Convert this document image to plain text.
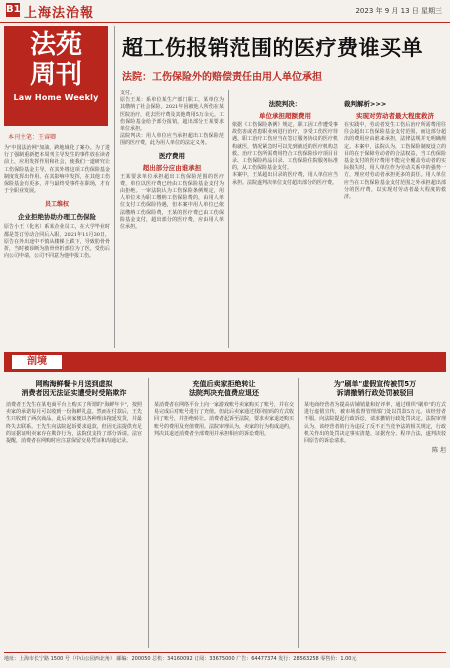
B1 上海法治報	2023 年 9 月 13 日 星期三
法苑
周刊
Law Home Weekly
本刊主笔：王睿卿
为"中国法治网"加油，跨地域化了案办。为了进行了强制重新把本周刊主导发生的事件放在读者前上，应用发挥作用和社会，使我们一道研究让工伤保险基金主导。在其外将这项工伤保险基金制度发挥出作用、在其影响中发挥，在其他工伤保险基金有更多，并与最终受事件在职场，才有于全职业发展。
员工维权
企业拒绝协助办理工伤保险
原告小王（化名）系某企业员工，在大学毕业时都是签订劳动合同后入职，2021年11月30日，原告在外出途中不慎从楼梯上跌下，导致肋骨骨折，当时被诊断为肋骨骨折部位为了医，受伤后向公司申请，公司不同意为他申报工伤。
超工伤报销范围的医疗费谁买单
法院：工伤保险外的赔偿责任由用人单位承担
支付。
原告王某：系单位某生产部门职工，某单位为其缴纳了社会保险。2021年因被他人所伤在某医院治疗，花去医疗费及其他费用5万余元。工伤保险基金给予部分报销，超出部分王某要求单位承担。
法院判决：用人单位应当承担超出工伤保险范围的医疗费，此为用人单位的法定义务。
医疗费用
超出部分应由谁承担
王某要求单位承担超出工伤保险范围的医疗费，单位以医疗费已经由工伤保险基金支付为由拒绝。一审法院认为工伤保险条例规定，用人单位未为职工缴纳工伤保险费的，由用人单位支付工伤保险待遇，但本案中用人单位已依法缴纳工伤保险费，王某的医疗费已由工伤保险基金支付，超出部分的医疗费，应由用人单位承担。
法院判决：
单位承担超额费用
依据《工伤保险条例》规定，职工因工作遭受事故伤害或者患职业病进行治疗，享受工伤医疗待遇。职工治疗工伤应当在签订服务协议的医疗机构就医，情况紧急时可以先到就近的医疗机构急救。治疗工伤所需费用符合工伤保险诊疗项目目录、工伤保险药品目录、工伤保险住院服务标准的，从工伤保险基金支付。
本案中，王某超出目录的医疗费，用人单位应当承担。法院遂判决单位支付超出部分的医疗费。
裁判解析>>>
实现对劳动者最大程度救济
在实践中，劳动者发生工伤后治疗所需费用往往会超出工伤保险基金支付范围，而这部分超出的费用应由谁来承担，法律法规并无明确规定。本案中，法院认为，工伤保险制度设立的目的在于保障劳动者的合法权益，当工伤保险基金支付的医疗费用不能完全覆盖劳动者的实际损失时，用人单位作为劳动关系中的强势一方，理应对劳动者承担更多的责任。用人单位应当在工伤保险基金支付范围之外承担超出部分的医疗费，以实现对劳动者最大程度的救济。
剖境
网购海鲜餐卡月送到虚拟
消费者因无法证实遭受时受陷欺诈
消费者王先生在某电商平台上购买了所谓的"海鲜年卡"，按照卖家的承诺每月可以收到一份海鲜礼盒。然而在付款后，王先生只收到了两次商品，此后卖家便以各种理由拖延发货，并最终失去联系。王先生向法院起诉要求退款，但因无法提供充足的证据证明卖家存在欺诈行为，法院仅支持了部分诉请。法官提醒，消费者在网购时应注意保留交易凭证和沟通记录。
充值后卖家拒绝转让
法院判决充值费应退还
某消费者在网络平台上向一家游戏账号卖家购买了账号，并在交易完成后对账号进行了充值。但此后卖家通过找回密码的方式收回了账号，并拒绝转让。消费者起诉至法院，要求卖家退还购买账号的费用及充值费用。法院审理认为，卖家的行为构成违约，判决其退还消费者全部费用并承担相应的诉讼费用。
为"刷单"虚假宣传被罚5万
诉请撤销行政处罚被驳回
某电商经营者为提高店铺销量和好评率，通过组织"刷单"的方式进行虚假宣传，被市场监督管理部门处以罚款5万元。该经营者不服，向法院提起行政诉讼，请求撤销行政处罚决定。法院审理认为，该经营者的行为违反了反不正当竞争法的相关规定，行政机关作出的处罚决定事实清楚、证据充分、程序合法，遂判决驳回原告的诉讼请求。
陈 坦
地址：上海市长宁路 1500 号（中山公园西北角） 邮编：200050 总机：34160092 订阅：33675000 广告：64477374 发行：28563258 零售价：1.00元
